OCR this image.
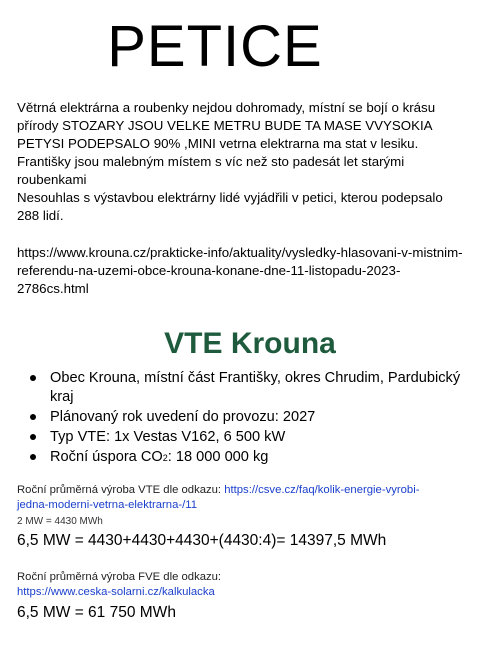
PETICE

Větrná elektrárna a roubenky nejdou dohromady, místní se bojí o krásu
přírody STOZARY JSOU VELKE METRU BUDE TA MASE VVYSOKIA
PETYSI PODEPSALO 90% ,MINI vetrna elektrarna ma stat v lesiku.
Františky jsou malebným místem s víc než sto padesát let starými
roubenkami
Nesouhlas s výstavbou elektrárny lidé vyjádřili v petici, kterou podepsalo
288 lidí.

https://www.krouna.cz/prakticke-info/aktuality/vysledky-hlasovani-v-mistnim-
referendu-na-uzemi-obce-krouna-konane-dne-11-listopadu-2023-
2786cs.html

VTE Krouna
Obec Krouna, místní část Františky, okres Chrudim, Pardubický
kraj
Plánovaný rok uvedení do provozu: 2027
Typ VTE: 1x Vestas V162, 6 500 kW
Roční úspora CO2: 18 000 000 kg
Roční průměrná výroba VTE dle odkazu: https://csve.cz/faq/kolik-energie-vyrobi-
jedna-moderni-vetrna-elektrarna-/11
2 MW = 4430 MWh
6,5 MW = 4430+4430+4430+(4430:4)= 14397,5 MWh
Roční průměrná výroba FVE dle odkazu:
https://www.ceska-solarni.cz/kalkulacka
6,5 MW = 61 750 MWh
